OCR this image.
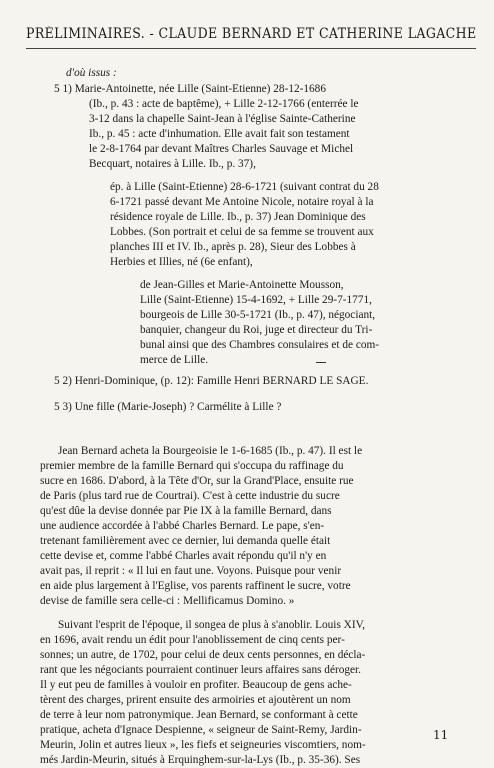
PRÉLIMINAIRES. - CLAUDE BERNARD ET CATHERINE LAGACHE
d'où issus :
5 1) Marie-Antoinette, née Lille (Saint-Etienne) 28-12-1686
(Ib., p. 43 : acte de baptême), + Lille 2-12-1766 (enterrée le
3-12 dans la chapelle Saint-Jean à l'église Sainte-Catherine
Ib., p. 45 : acte d'inhumation. Elle avait fait son testament
le 2-8-1764 par devant Maîtres Charles Sauvage et Michel
Becquart, notaires à Lille. Ib., p. 37),
ép. à Lille (Saint-Etienne) 28-6-1721 (suivant contrat du 28
6-1721 passé devant Me Antoine Nicole, notaire royal à la
résidence royale de Lille. Ib., p. 37) Jean Dominique des
Lobbes. (Son portrait et celui de sa femme se trouvent aux
planches III et IV. Ib., après p. 28), Sieur des Lobbes à
Herbies et Illies, né (6e enfant),
de Jean-Gilles et Marie-Antoinette Mousson,
Lille (Saint-Etienne) 15-4-1692, + Lille 29-7-1771,
bourgeois de Lille 30-5-1721 (Ib., p. 47), négociant,
banquier, changeur du Roi, juge et directeur du Tri-
bunal ainsi que des Chambres consulaires et de com-
merce de Lille.
5 2) Henri-Dominique, (p. 12): Famille Henri BERNARD LE SAGE.
5 3) Une fille (Marie-Joseph) ? Carmélite à Lille ?
Jean Bernard acheta la Bourgeoisie le 1-6-1685 (Ib., p. 47). Il est le
premier membre de la famille Bernard qui s'occupa du raffinage du
sucre en 1686. D'abord, à la Tête d'Or, sur la Grand'Place, ensuite rue
de Paris (plus tard rue de Courtrai). C'est à cette industrie du sucre
qu'est dûe la devise donnée par Pie IX à la famille Bernard, dans
une audience accordée à l'abbé Charles Bernard. Le pape, s'en-
tretenant familièrement avec ce dernier, lui demanda quelle était
cette devise et, comme l'abbé Charles avait répondu qu'il n'y en
avait pas, il reprit : « Il lui en faut une. Voyons. Puisque pour venir
en aide plus largement à l'Eglise, vos parents raffinent le sucre, votre
devise de famille sera celle-ci : Mellificamus Domino. »
Suivant l'esprit de l'époque, il songea de plus à s'anoblir. Louis XIV,
en 1696, avait rendu un édit pour l'anoblissement de cinq cents per-
sonnes; un autre, de 1702, pour celui de deux cents personnes, en décla-
rant que les négociants pourraient continuer leurs affaires sans déroger.
Il y eut peu de familles à vouloir en profiter. Beaucoup de gens ache-
tèrent des charges, prirent ensuite des armoiries et ajoutèrent un nom
de terre à leur nom patronymique. Jean Bernard, se conformant à cette
pratique, acheta d'Ignace Despienne, « seigneur de Saint-Remy, Jardin-
Meurin, Jolin et autres lieux », les fiefs et seigneuries viscomtiers, nom-
més Jardin-Meurin, situés à Erquinghem-sur-la-Lys (Ib., p. 35-36). Ses
11
